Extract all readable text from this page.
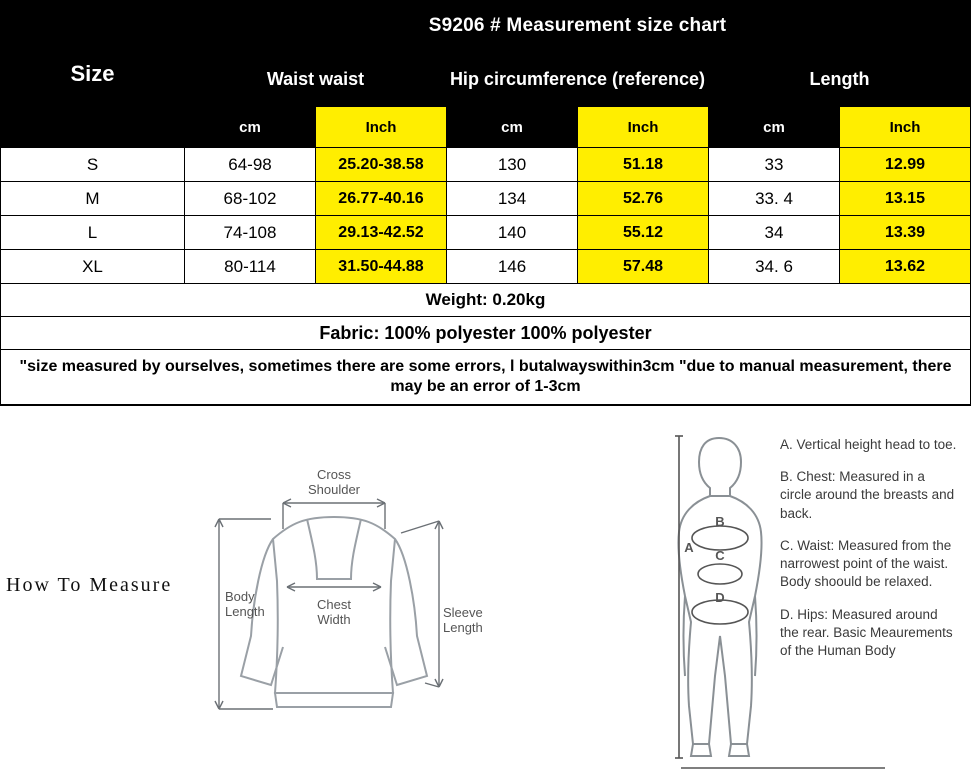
Size	S9206 # Measurement size chart					
	Waist waist		Hip circumference (reference)		Length	
	cm	Inch	cm	Inch	cm	Inch
S	64-98	25.20-38.58	130	51.18	33	12.99
M	68-102	26.77-40.16	134	52.76	33. 4	13.15
L	74-108	29.13-42.52	140	55.12	34	13.39
XL	80-114	31.50-44.88	146	57.48	34. 6	13.62
Weight: 0.20kg						
Fabric: 100% polyester 100% polyester						
"size measured by ourselves, sometimes there are some errors, l butalwayswithin3cm "due to manual measurement, there may be an error of 1-3cm						
How To Measure
Cross
Shoulder
Body
Length	Chest
Width	Sleeve
Length
A
B
C
D

A. Vertical height head to toe.

B. Chest: Measured in a circle around the breasts and back.

C. Waist: Measured from the narrowest point of the waist. Body shoould be relaxed.

D. Hips: Measured around the rear. Basic Meaurements of the Human Body
